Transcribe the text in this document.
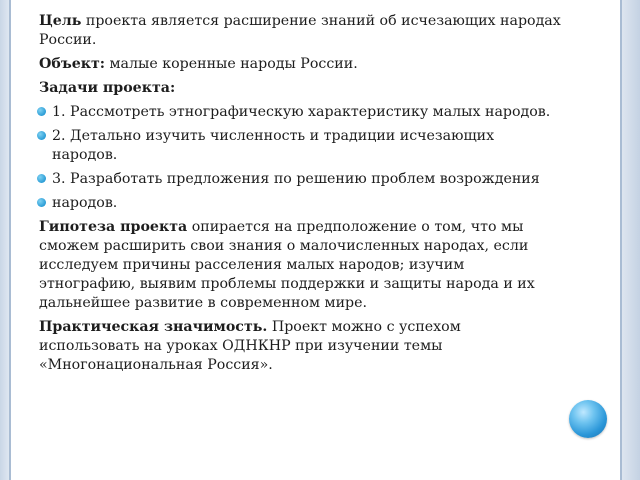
Цель проекта является расширение знаний об исчезающих народах России.

Объект: малые коренные народы России.

Задачи проекта:

1. Рассмотреть этнографическую характеристику малых народов.
2. Детально изучить численность и традиции исчезающих народов.
3. Разработать предложения по решению проблем возрождения
народов.

Гипотеза проекта опирается на предположение о том, что мы сможем расширить свои знания о малочисленных народах, если исследуем причины расселения малых народов; изучим этнографию, выявим проблемы поддержки и защиты народа и их дальнейшее развитие в современном мире.

Практическая значимость. Проект можно с успехом использовать на уроках ОДНКНР при изучении темы «Многонациональная Россия».
